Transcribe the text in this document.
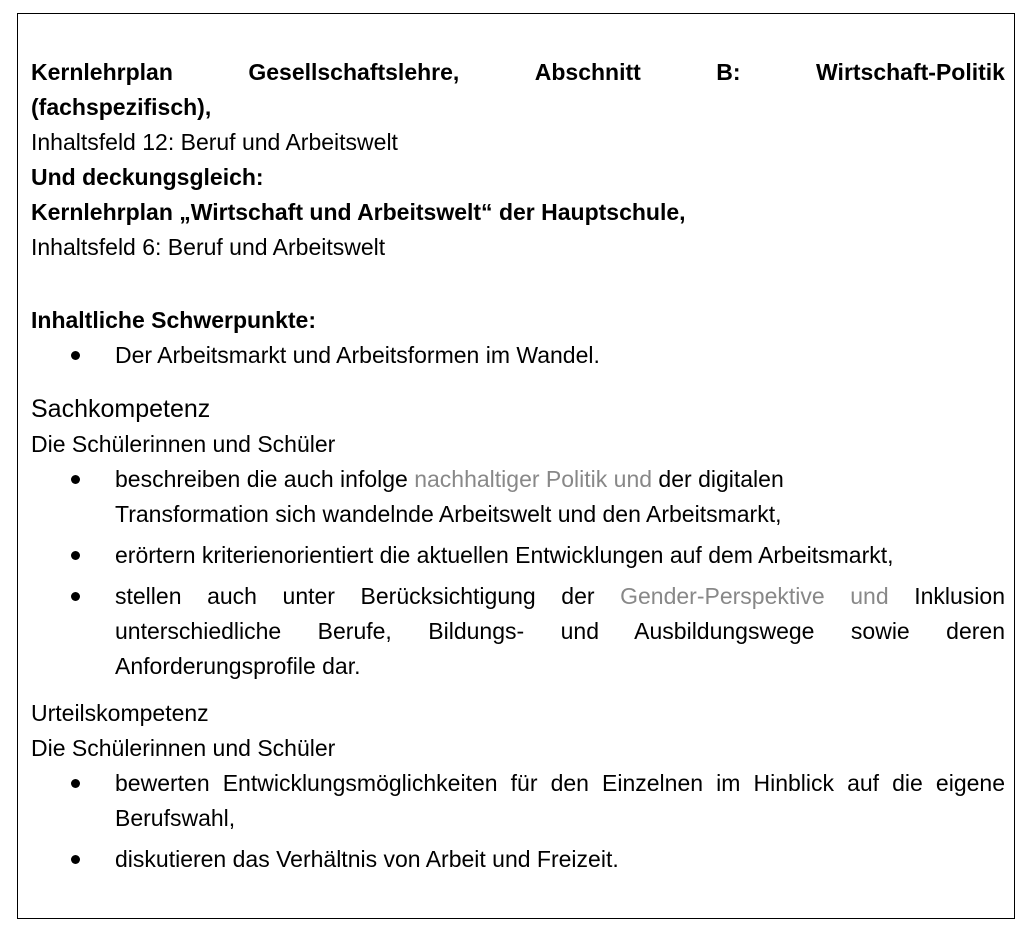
Kernlehrplan	Gesellschaftslehre,	Abschnitt	B:	Wirtschaft-Politik
(fachspezifisch),
Inhaltsfeld 12: Beruf und Arbeitswelt
Und deckungsgleich:
Kernlehrplan „Wirtschaft und Arbeitswelt“ der Hauptschule,
Inhaltsfeld 6: Beruf und Arbeitswelt
Inhaltliche Schwerpunkte:
Der Arbeitsmarkt und Arbeitsformen im Wandel.
Sachkompetenz
Die Schülerinnen und Schüler
beschreiben die auch infolge nachhaltiger Politik und der digitalen
Transformation sich wandelnde Arbeitswelt und den Arbeitsmarkt,
erörtern kriterienorientiert die aktuellen Entwicklungen auf dem Arbeitsmarkt,
stellen auch unter Berücksichtigung der Gender-Perspektive und Inklusion unterschiedliche Berufe, Bildungs- und Ausbildungswege sowie deren Anforderungsprofile dar.
Urteilskompetenz
Die Schülerinnen und Schüler
bewerten Entwicklungsmöglichkeiten für den Einzelnen im Hinblick auf die eigene Berufswahl,
diskutieren das Verhältnis von Arbeit und Freizeit.
